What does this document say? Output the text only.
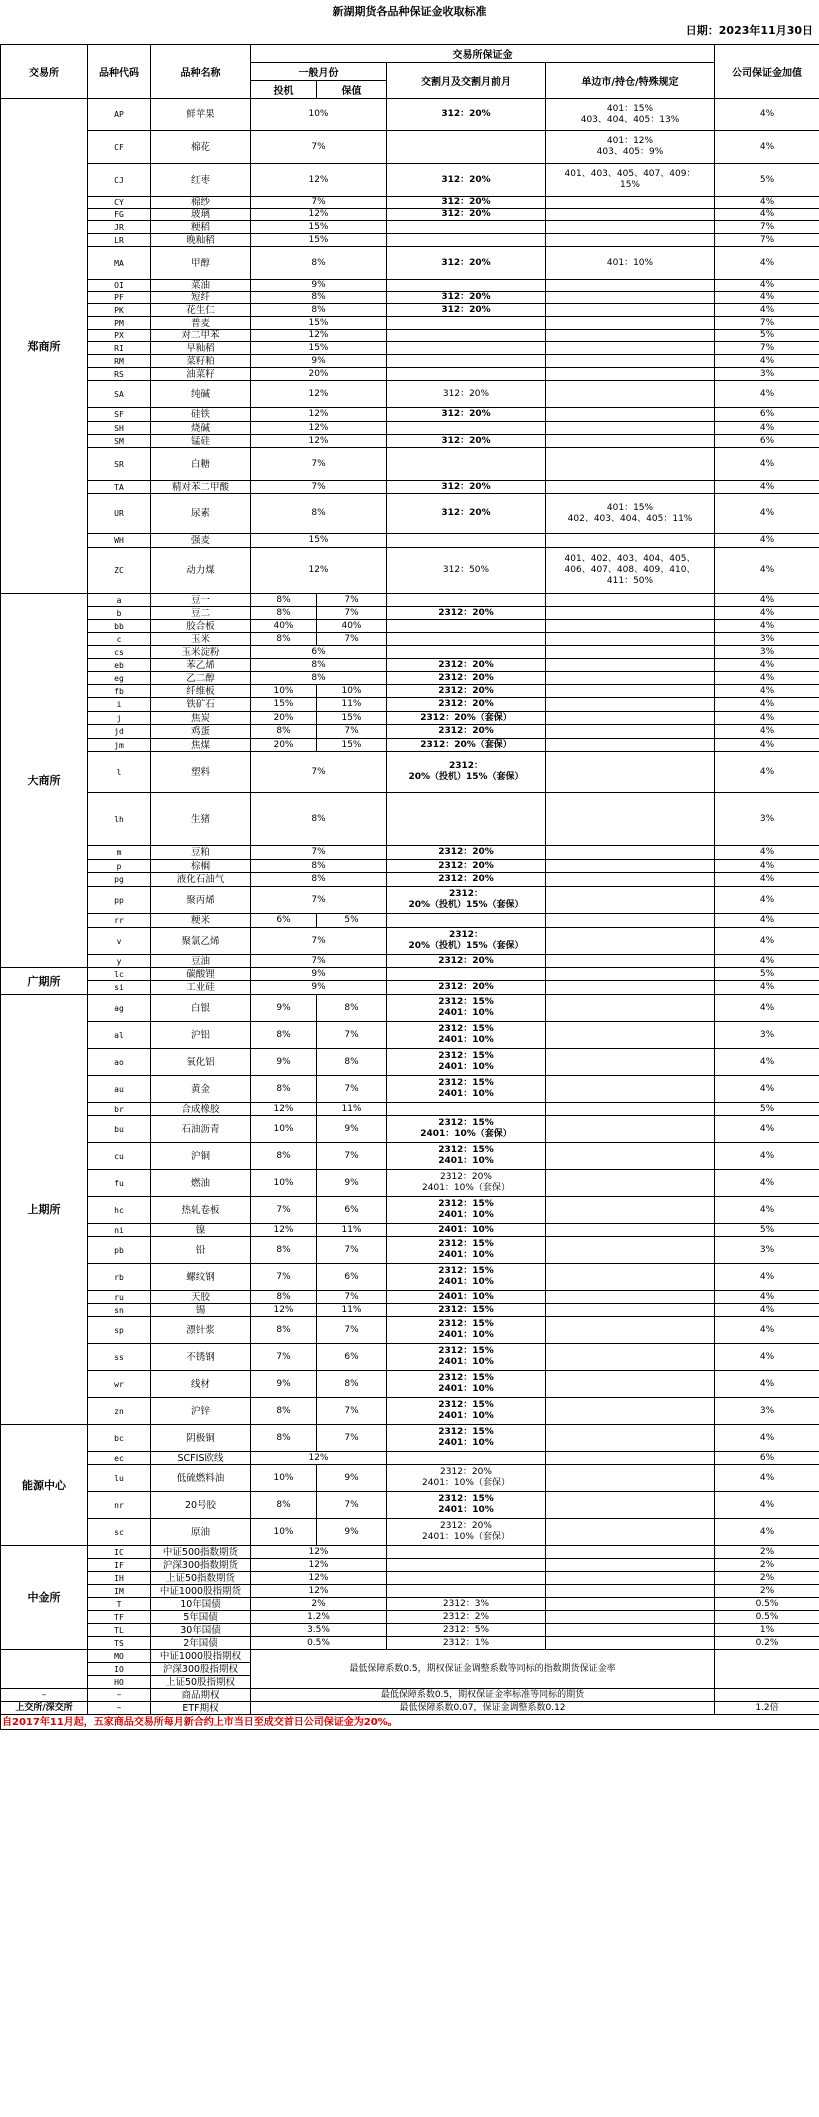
新湖期货各品种保证金收取标准
日期：2023年11月30日
交易所	品种代码	品种名称	交易所保证金				公司保证金加值
			一般月份		交割月及交割月前月	单边市/持仓/特殊规定	
			投机	保值			
郑商所	AP	鲜苹果	10%		312：20%	401：15%
403、404、405：13%	4%
	CF	棉花	7%			401：12%
403、405：9%	4%
	CJ	红枣	12%		312：20%	401、403、405、407、409：
15%	5%
	CY	棉纱	7%		312：20%		4%
	FG	玻璃	12%		312：20%		4%
	JR	粳稻	15%				7%
	LR	晚籼稻	15%				7%
	MA	甲醇	8%		312：20%	401：10%	4%
	OI	菜油	9%				4%
	PF	短纤	8%		312：20%		4%
	PK	花生仁	8%		312：20%		4%
	PM	普麦	15%				7%
	PX	对二甲苯	12%				5%
	RI	早籼稻	15%				7%
	RM	菜籽粕	9%				4%
	RS	油菜籽	20%				3%
	SA	纯碱	12%		312：20%		4%
	SF	硅铁	12%		312：20%		6%
	SH	烧碱	12%				4%
	SM	锰硅	12%		312：20%		6%
	SR	白糖	7%				4%
	TA	精对苯二甲酸	7%		312：20%		4%
	UR	尿素	8%		312：20%	401：15%
402、403、404、405：11%	4%
	WH	强麦	15%				4%
	ZC	动力煤	12%		312：50%	401、402、403、404、405、
406、407、408、409、410、
411：50%	4%
大商所	a	豆一	8%	7%			4%
	b	豆二	8%	7%	2312：20%		4%
	bb	胶合板	40%	40%			4%
	c	玉米	8%	7%			3%
	cs	玉米淀粉	6%				3%
	eb	苯乙烯	8%		2312：20%		4%
	eg	乙二醇	8%		2312：20%		4%
	fb	纤维板	10%	10%	2312：20%		4%
	i	铁矿石	15%	11%	2312：20%		4%
	j	焦炭	20%	15%	2312：20%（套保）		4%
	jd	鸡蛋	8%	7%	2312：20%		4%
	jm	焦煤	20%	15%	2312：20%（套保）		4%
	l	塑料	7%		2312：
20%（投机）15%（套保）		4%
	lh	生猪	8%				3%
	m	豆粕	7%		2312：20%		4%
	p	棕榈	8%		2312：20%		4%
	pg	液化石油气	8%		2312：20%		4%
	pp	聚丙烯	7%		2312：
20%（投机）15%（套保）		4%
	rr	粳米	6%	5%			4%
	v	聚氯乙烯	7%		2312：
20%（投机）15%（套保）		4%
	y	豆油	7%		2312：20%		4%
广期所	lc	碳酸锂	9%				5%
	si	工业硅	9%		2312：20%		4%
上期所	ag	白银	9%	8%	2312：15%
2401：10%		4%
	al	沪铝	8%	7%	2312：15%
2401：10%		3%
	ao	氧化铝	9%	8%	2312：15%
2401：10%		4%
	au	黄金	8%	7%	2312：15%
2401：10%		4%
	br	合成橡胶	12%	11%			5%
	bu	石油沥青	10%	9%	2312：15%
2401：10%（套保）		4%
	cu	沪铜	8%	7%	2312：15%
2401：10%		4%
	fu	燃油	10%	9%	2312：20%
2401：10%（套保）		4%
	hc	热轧卷板	7%	6%	2312：15%
2401：10%		4%
	ni	镍	12%	11%	2401：10%		5%
	pb	铅	8%	7%	2312：15%
2401：10%		3%
	rb	螺纹钢	7%	6%	2312：15%
2401：10%		4%
	ru	天胶	8%	7%	2401：10%		4%
	sn	锡	12%	11%	2312：15%		4%
	sp	漂针浆	8%	7%	2312：15%
2401：10%		4%
	ss	不锈钢	7%	6%	2312：15%
2401：10%		4%
	wr	线材	9%	8%	2312：15%
2401：10%		4%
	zn	沪锌	8%	7%	2312：15%
2401：10%		3%
能源中心	bc	阴极铜	8%	7%	2312：15%
2401：10%		4%
	ec	SCFIS欧线	12%				6%
	lu	低硫燃料油	10%	9%	2312：20%
2401：10%（套保）		4%
	nr	20号胶	8%	7%	2312：15%
2401：10%		4%
	sc	原油	10%	9%	2312：20%
2401：10%（套保）		4%
中金所	IC	中证500指数期货	12%				2%
	IF	沪深300指数期货	12%				2%
	IH	上证50指数期货	12%				2%
	IM	中证1000股指期货	12%				2%
	T	10年国债	2%		2312：3%		0.5%
	TF	5年国债	1.2%		2312：2%		0.5%
	TL	30年国债	3.5%		2312：5%		1%
	TS	2年国债	0.5%		2312：1%		0.2%
	MO	中证1000股指期权	最低保障系数0.5，期权保证金调整系数等同标的指数期货保证金率				
	IO	沪深300股指期权					
	HO	上证50股指期权					
–	–	商品期权	最低保障系数0.5，期权保证金率标准等同标的期货				
上交所/深交所	–	ETF期权	最低保障系数0.07，保证金调整系数0.12				1.2倍
自2017年11月起，五家商品交易所每月新合约上市当日至成交首日公司保证金为20%。							
